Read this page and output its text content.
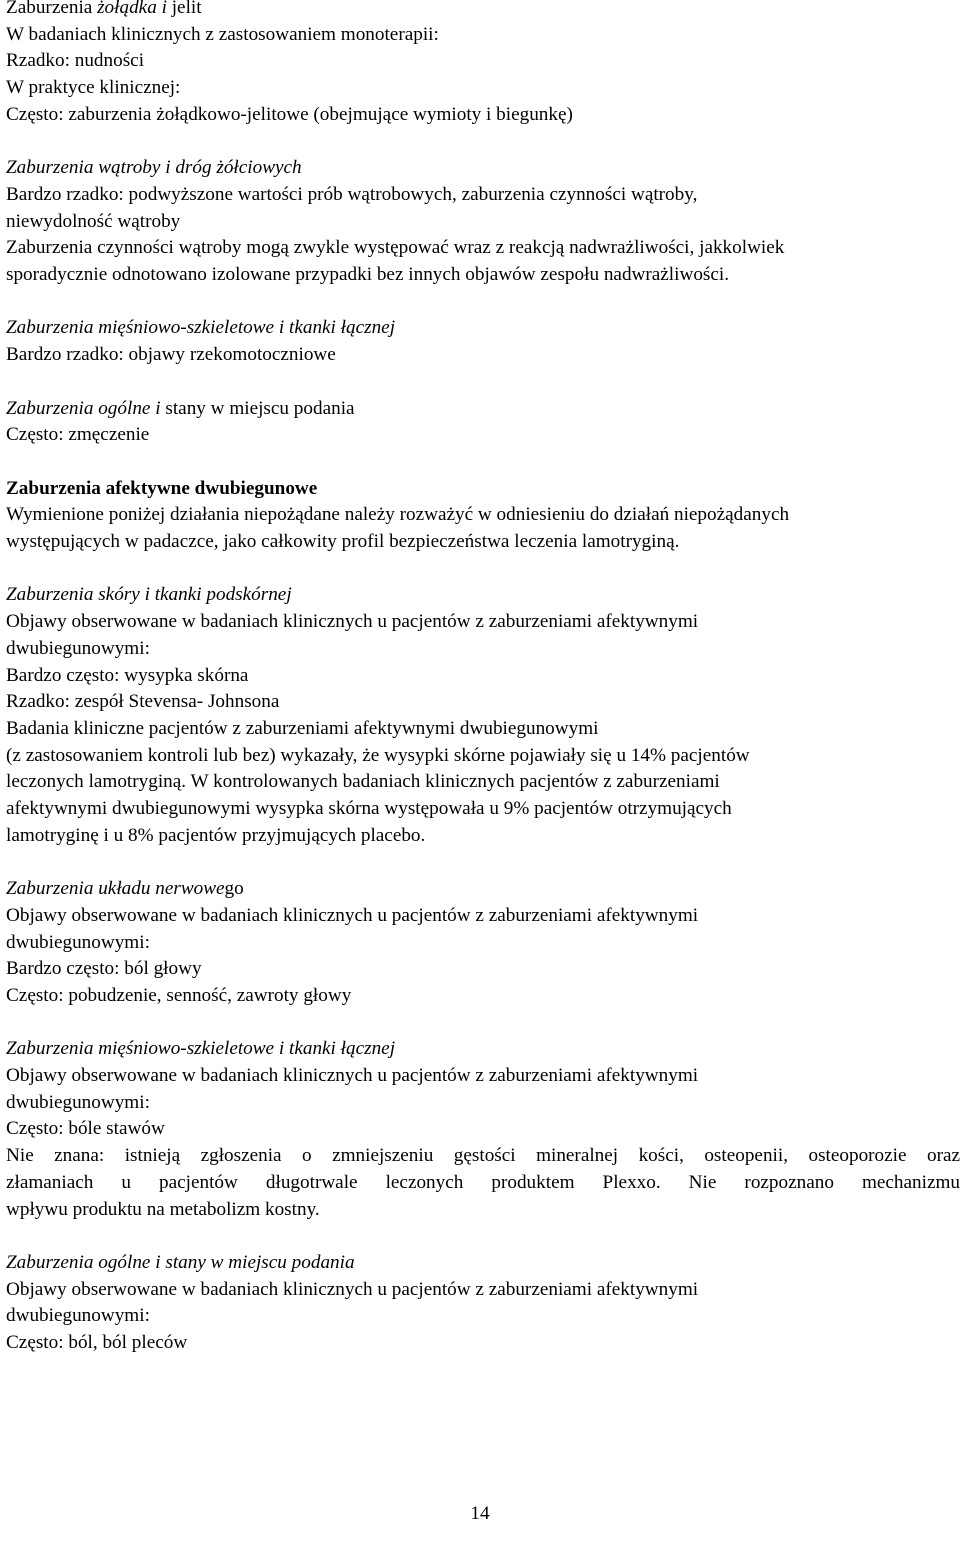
Zaburzenia żołądka i jelit
W badaniach klinicznych z zastosowaniem monoterapii:
Rzadko: nudności
W praktyce klinicznej:
Często: zaburzenia żołądkowo-jelitowe (obejmujące wymioty i biegunkę)
Zaburzenia wątroby i dróg żółciowych
Bardzo rzadko: podwyższone wartości prób wątrobowych, zaburzenia czynności wątroby,
niewydolność wątroby
Zaburzenia czynności wątroby mogą zwykle występować wraz z reakcją nadwrażliwości, jakkolwiek
sporadycznie odnotowano izolowane przypadki bez innych objawów zespołu nadwrażliwości.
Zaburzenia mięśniowo-szkieletowe i tkanki łącznej
Bardzo rzadko: objawy rzekomotoczniowe
Zaburzenia ogólne i stany w miejscu podania
Często: zmęczenie
Zaburzenia afektywne dwubiegunowe
Wymienione poniżej działania niepożądane należy rozważyć w odniesieniu do działań niepożądanych
występujących w padaczce, jako całkowity profil bezpieczeństwa leczenia lamotryginą.
Zaburzenia skóry i tkanki podskórnej
Objawy obserwowane w badaniach klinicznych u pacjentów z zaburzeniami afektywnymi
dwubiegunowymi:
Bardzo często: wysypka skórna
Rzadko: zespół Stevensa- Johnsona
Badania kliniczne pacjentów z zaburzeniami afektywnymi dwubiegunowymi
(z zastosowaniem kontroli lub bez) wykazały, że wysypki skórne pojawiały się u 14% pacjentów
leczonych lamotryginą. W kontrolowanych badaniach klinicznych pacjentów z zaburzeniami
afektywnymi dwubiegunowymi wysypka skórna występowała u 9% pacjentów otrzymujących
lamotryginę i u 8% pacjentów przyjmujących placebo.
Zaburzenia układu nerwowego
Objawy obserwowane w badaniach klinicznych u pacjentów z zaburzeniami afektywnymi
dwubiegunowymi:
Bardzo często: ból głowy
Często: pobudzenie, senność, zawroty głowy
Zaburzenia mięśniowo-szkieletowe i tkanki łącznej
Objawy obserwowane w badaniach klinicznych u pacjentów z zaburzeniami afektywnymi
dwubiegunowymi:
Często: bóle stawów
Nie znana: istnieją zgłoszenia o zmniejszeniu gęstości mineralnej kości, osteopenii, osteoporozie oraz
złamaniach u pacjentów długotrwale leczonych produktem Plexxo. Nie rozpoznano mechanizmu
wpływu produktu na metabolizm kostny.
Zaburzenia ogólne i stany w miejscu podania
Objawy obserwowane w badaniach klinicznych u pacjentów z zaburzeniami afektywnymi
dwubiegunowymi:
Często: ból, ból pleców
14
